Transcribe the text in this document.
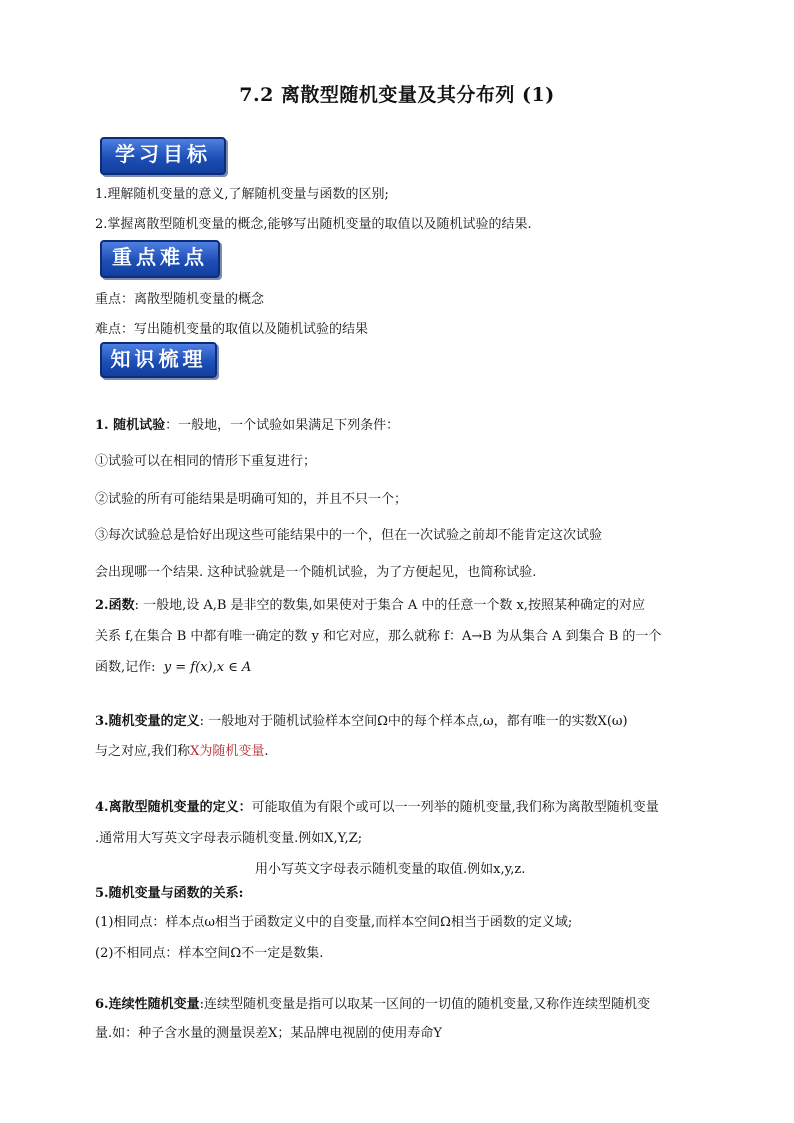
7.2 离散型随机变量及其分布列 (1)
学习目标
1.理解随机变量的意义,了解随机变量与函数的区别;
2.掌握离散型随机变量的概念,能够写出随机变量的取值以及随机试验的结果.
重点难点
重点：离散型随机变量的概念
难点：写出随机变量的取值以及随机试验的结果
知识梳理
1. 随机试验：一般地，一个试验如果满足下列条件：
①试验可以在相同的情形下重复进行；
②试验的所有可能结果是明确可知的，并且不只一个；
③每次试验总是恰好出现这些可能结果中的一个，但在一次试验之前却不能肯定这次试验
会出现哪一个结果. 这种试验就是一个随机试验，为了方便起见，也简称试验.
2.函数: 一般地,设 A,B 是非空的数集,如果使对于集合 A 中的任意一个数 x,按照某种确定的对应
关系 f,在集合 B 中都有唯一确定的数 y 和它对应，那么就称 f：A→B 为从集合 A 到集合 B 的一个
函数,记作: y = f(x),x ∈ A
3.随机变量的定义: 一般地对于随机试验样本空间Ω中的每个样本点,ω，都有唯一的实数X(ω)
与之对应,我们称X为随机变量.
4.离散型随机变量的定义：可能取值为有限个或可以一一列举的随机变量,我们称为离散型随机变量
.通常用大写英文字母表示随机变量.例如X,Y,Z;
用小写英文字母表示随机变量的取值.例如x,y,z.
5.随机变量与函数的关系:
(1)相同点：样本点ω相当于函数定义中的自变量,而样本空间Ω相当于函数的定义域;
(2)不相同点：样本空间Ω不一定是数集.
6.连续性随机变量:连续型随机变量是指可以取某一区间的一切值的随机变量,又称作连续型随机变
量.如：种子含水量的测量误差X；某品牌电视剧的使用寿命Y
